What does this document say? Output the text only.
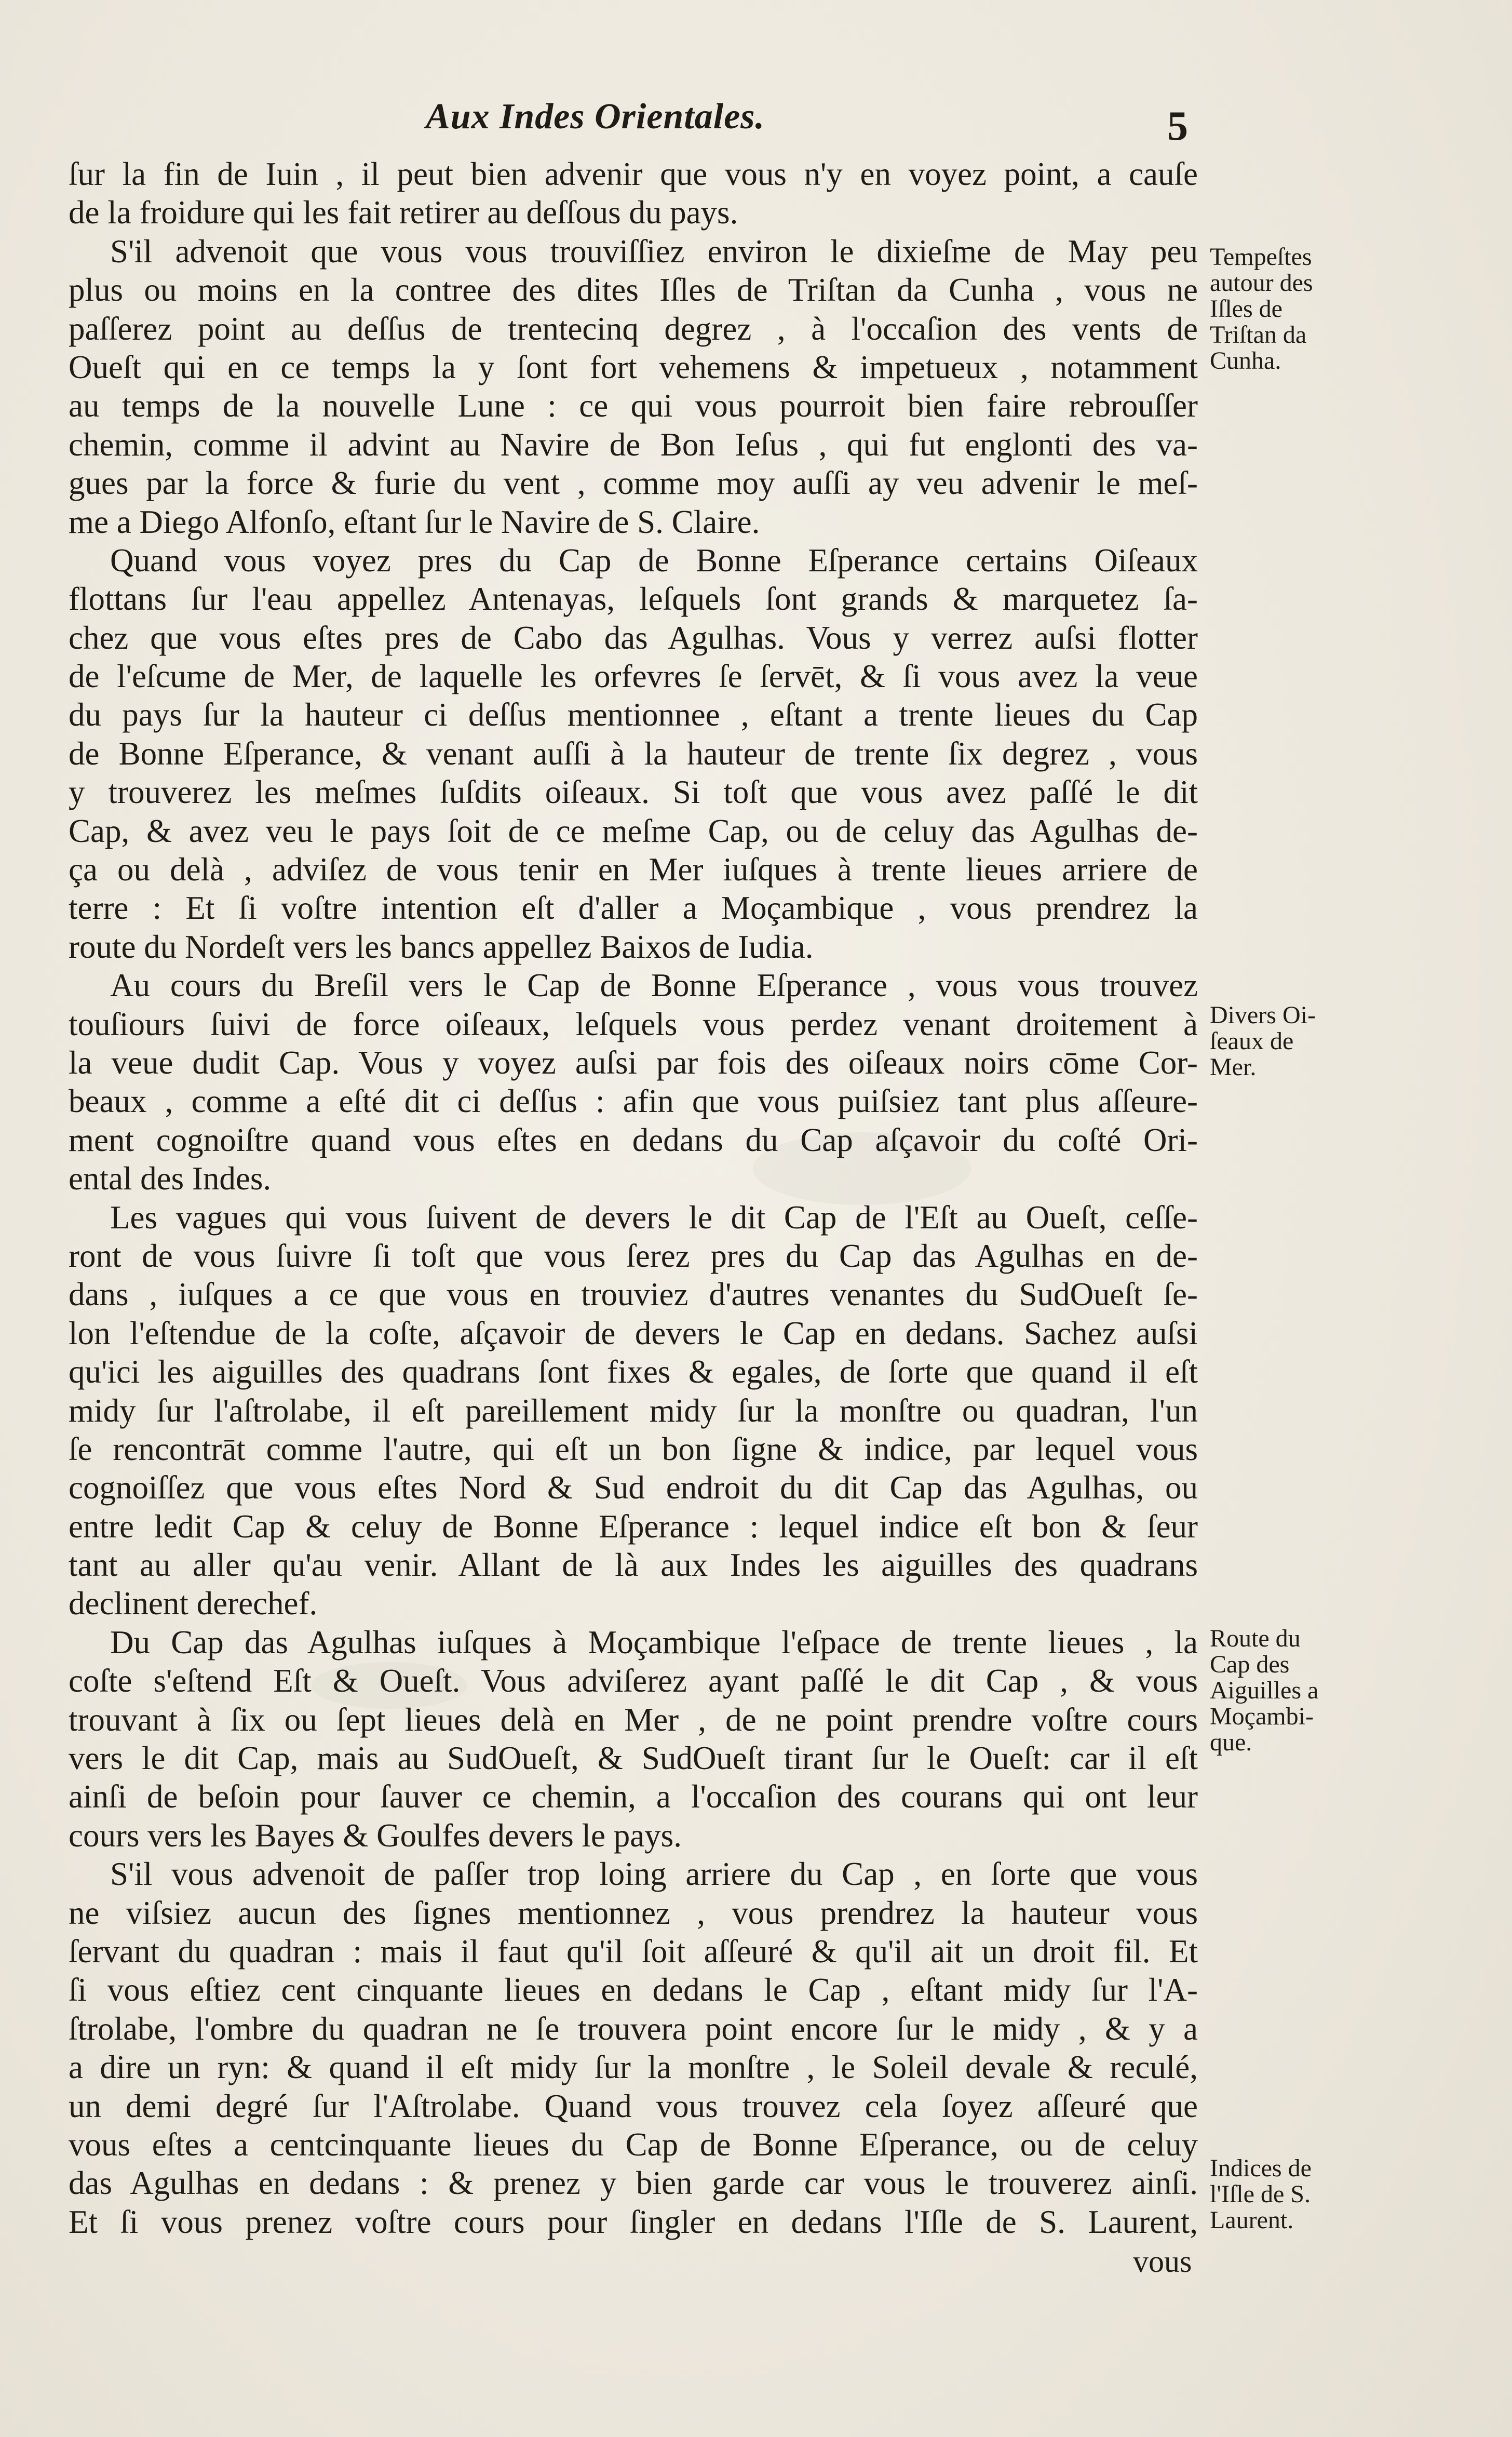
Aux Indes Orientales.	5
ſur la fin de Iuin , il peut bien advenir que vous n'y en voyez point, a cauſe
de la froidure qui les fait retirer au deſſous du pays.
S'il advenoit que vous vous trouviſſiez environ le dixieſme de May peu
plus ou moins en la contree des dites Iſles de Triſtan da Cunha , vous ne
paſſerez point au deſſus de trentecinq degrez , à l'occaſion des vents de
Oueſt qui en ce temps la y ſont fort vehemens & impetueux , notamment
au temps de la nouvelle Lune : ce qui vous pourroit bien faire rebrouſſer
chemin, comme il advint au Navire de Bon Ieſus , qui fut englonti des va-
gues par la force & furie du vent , comme moy auſſi ay veu advenir le meſ-
me a Diego Alfonſo, eſtant ſur le Navire de S. Claire.
Quand vous voyez pres du Cap de Bonne Eſperance certains Oiſeaux
flottans ſur l'eau appellez Antenayas, leſquels ſont grands & marquetez ſa-
chez que vous eſtes pres de Cabo das Agulhas. Vous y verrez auſsi flotter
de l'eſcume de Mer, de laquelle les orfevres ſe ſervēt, & ſi vous avez la veue
du pays ſur la hauteur ci deſſus mentionnee , eſtant a trente lieues du Cap
de Bonne Eſperance, & venant auſſi à la hauteur de trente ſix degrez , vous
y trouverez les meſmes ſuſdits oiſeaux. Si toſt que vous avez paſſé le dit
Cap, & avez veu le pays ſoit de ce meſme Cap, ou de celuy das Agulhas de-
ça ou delà , adviſez de vous tenir en Mer iuſques à trente lieues arriere de
terre : Et ſi voſtre intention eſt d'aller a Moçambique , vous prendrez la
route du Nordeſt vers les bancs appellez Baixos de Iudia.
Au cours du Breſil vers le Cap de Bonne Eſperance , vous vous trouvez
touſiours ſuivi de force oiſeaux, leſquels vous perdez venant droitement à
la veue dudit Cap. Vous y voyez auſsi par fois des oiſeaux noirs cōme Cor-
beaux , comme a eſté dit ci deſſus : afin que vous puiſsiez tant plus aſſeure-
ment cognoiſtre quand vous eſtes en dedans du Cap aſçavoir du coſté Ori-
ental des Indes.
Les vagues qui vous ſuivent de devers le dit Cap de l'Eſt au Oueſt, ceſſe-
ront de vous ſuivre ſi toſt que vous ſerez pres du Cap das Agulhas en de-
dans , iuſques a ce que vous en trouviez d'autres venantes du SudOueſt ſe-
lon l'eſtendue de la coſte, aſçavoir de devers le Cap en dedans. Sachez auſsi
qu'ici les aiguilles des quadrans ſont fixes & egales, de ſorte que quand il eſt
midy ſur l'aſtrolabe, il eſt pareillement midy ſur la monſtre ou quadran, l'un
ſe rencontrāt comme l'autre, qui eſt un bon ſigne & indice, par lequel vous
cognoiſſez que vous eſtes Nord & Sud endroit du dit Cap das Agulhas, ou
entre ledit Cap & celuy de Bonne Eſperance : lequel indice eſt bon & ſeur
tant au aller qu'au venir. Allant de là aux Indes les aiguilles des quadrans
declinent derechef.
Du Cap das Agulhas iuſques à Moçambique l'eſpace de trente lieues , la
coſte s'eſtend Eſt & Oueſt. Vous adviſerez ayant paſſé le dit Cap , & vous
trouvant à ſix ou ſept lieues delà en Mer , de ne point prendre voſtre cours
vers le dit Cap, mais au SudOueſt, & SudOueſt tirant ſur le Oueſt: car il eſt
ainſi de beſoin pour ſauver ce chemin, a l'occaſion des courans qui ont leur
cours vers les Bayes & Goulfes devers le pays.
S'il vous advenoit de paſſer trop loing arriere du Cap , en ſorte que vous
ne viſsiez aucun des ſignes mentionnez , vous prendrez la hauteur vous
ſervant du quadran : mais il faut qu'il ſoit aſſeuré & qu'il ait un droit fil. Et
ſi vous eſtiez cent cinquante lieues en dedans le Cap , eſtant midy ſur l'A-
ſtrolabe, l'ombre du quadran ne ſe trouvera point encore ſur le midy , & y a
a dire un ryn: & quand il eſt midy ſur la monſtre , le Soleil devale & reculé,
un demi degré ſur l'Aſtrolabe. Quand vous trouvez cela ſoyez aſſeuré que
vous eſtes a centcinquante lieues du Cap de Bonne Eſperance, ou de celuy
das Agulhas en dedans : & prenez y bien garde car vous le trouverez ainſi.
Et ſi vous prenez voſtre cours pour ſingler en dedans l'Iſle de S. Laurent,
Tempeſtes
autour des
Iſles de
Triſtan da
Cunha.
Divers Oi-
ſeaux de
Mer.
Route du
Cap des
Aiguilles a
Moçambi-
que.
Indices de
l'Iſle de S.
Laurent.
vous
